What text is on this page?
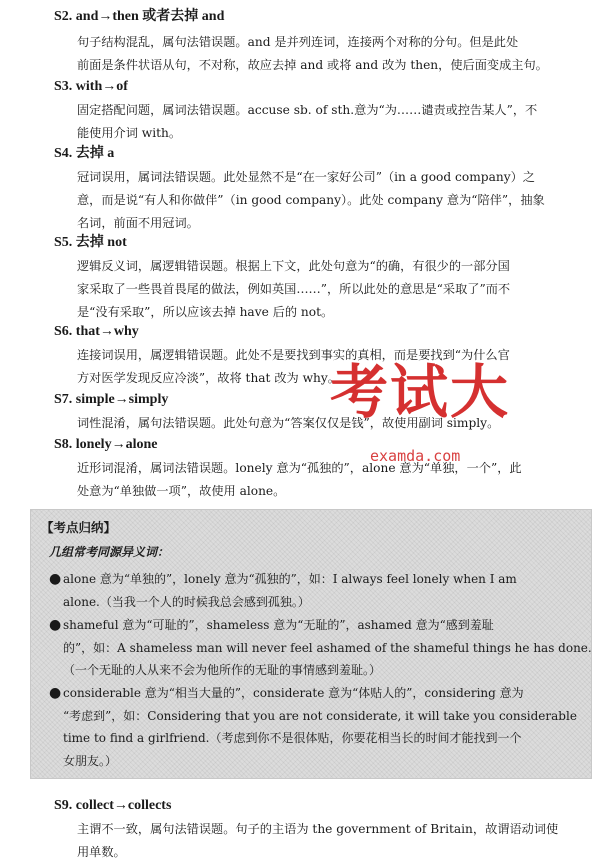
S2. and→then 或者去掉 and
句子结构混乱，属句法错误题。and 是并列连词，连接两个对称的分句。但是此处
前面是条件状语从句，不对称，故应去掉 and 或将 and 改为 then，使后面变成主句。
S3. with→of
固定搭配问题，属词法错误题。accuse sb. of sth.意为“为……谴责或控告某人”，不
能使用介词 with。
S4. 去掉 a
冠词误用，属词法错误题。此处显然不是“在一家好公司”（in a good company）之
意，而是说“有人和你做伴”（in good company）。此处 company 意为“陪伴”，抽象
名词，前面不用冠词。
S5. 去掉 not
逻辑反义词，属逻辑错误题。根据上下文，此处句意为“的确，有很少的一部分国
家采取了一些畏首畏尾的做法，例如英国……”，所以此处的意思是“采取了”而不
是“没有采取”，所以应该去掉 have 后的 not。
S6. that→why
连接词误用，属逻辑错误题。此处不是要找到事实的真相，而是要找到“为什么官
方对医学发现反应冷淡”，故将 that 改为 why。
S7. simple→simply
词性混淆，属句法错误题。此处句意为“答案仅仅是钱”，故使用副词 simply。
S8. lonely→alone
近形词混淆，属词法错误题。lonely 意为“孤独的”，alone 意为“单独，一个”，此
处意为“单独做一项”，故使用 alone。
考试大
examda.com
【考点归纳】
几组常考同源异义词：
● alone 意为“单独的”，lonely 意为“孤独的”，如：I always feel lonely when I am
alone.（当我一个人的时候我总会感到孤独。）
● shameful 意为“可耻的”，shameless 意为“无耻的”，ashamed 意为“感到羞耻
的”，如：A shameless man will never feel ashamed of the shameful things he has done.
（一个无耻的人从来不会为他所作的无耻的事情感到羞耻。）
● considerable 意为“相当大量的”，considerate 意为“体贴人的”，considering 意为
“考虑到”，如：Considering that you are not considerate, it will take you considerable
time to find a girlfriend.（考虑到你不是很体贴，你要花相当长的时间才能找到一个
女朋友。）
S9. collect→collects
主谓不一致，属句法错误题。句子的主语为 the government of Britain，故谓语动词使
用单数。
